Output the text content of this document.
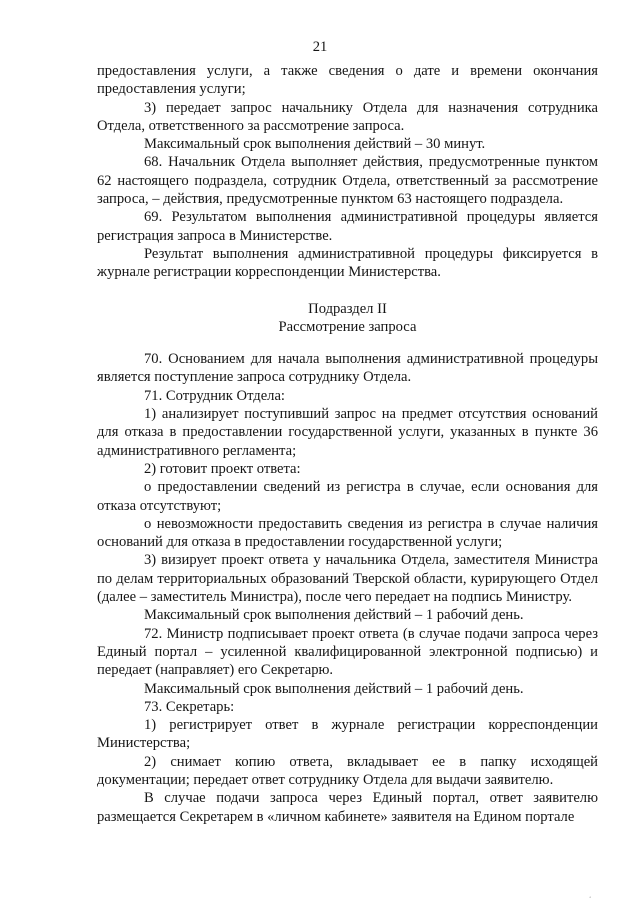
21

предоставления услуги, а также сведения о дате и времени окончания предоставления услуги;

3) передает запрос начальнику Отдела для назначения сотрудника Отдела, ответственного за рассмотрение запроса.

Максимальный срок выполнения действий – 30 минут.

68. Начальник Отдела выполняет действия, предусмотренные пунктом 62 настоящего подраздела, сотрудник Отдела, ответственный за рассмотрение запроса, – действия, предусмотренные пунктом 63 настоящего подраздела.

69. Результатом выполнения административной процедуры является регистрация запроса в Министерстве.

Результат выполнения административной процедуры фиксируется в журнале регистрации корреспонденции Министерства.

Подраздел II

Рассмотрение запроса

70. Основанием для начала выполнения административной процедуры является поступление запроса сотруднику Отдела.

71. Сотрудник Отдела:

1) анализирует поступивший запрос на предмет отсутствия оснований для отказа в предоставлении государственной услуги, указанных в пункте 36 административного регламента;

2) готовит проект ответа:

о предоставлении сведений из регистра в случае, если основания для отказа отсутствуют;

о невозможности предоставить сведения из регистра в случае наличия оснований для отказа в предоставлении государственной услуги;

3) визирует проект ответа у начальника Отдела, заместителя Министра по делам территориальных образований Тверской области, курирующего Отдел (далее – заместитель Министра), после чего передает на подпись Министру.

Максимальный срок выполнения действий – 1 рабочий день.

72. Министр подписывает проект ответа (в случае подачи запроса через Единый портал – усиленной квалифицированной электронной подписью) и передает (направляет) его Секретарю.

Максимальный срок выполнения действий – 1 рабочий день.

73. Секретарь:

1) регистрирует ответ в журнале регистрации корреспонденции Министерства;

2) снимает копию ответа, вкладывает ее в папку исходящей документации; передает ответ сотруднику Отдела для выдачи заявителю.

В случае подачи запроса через Единый портал, ответ заявителю размещается Секретарем в «личном кабинете» заявителя на Едином портале

‘
